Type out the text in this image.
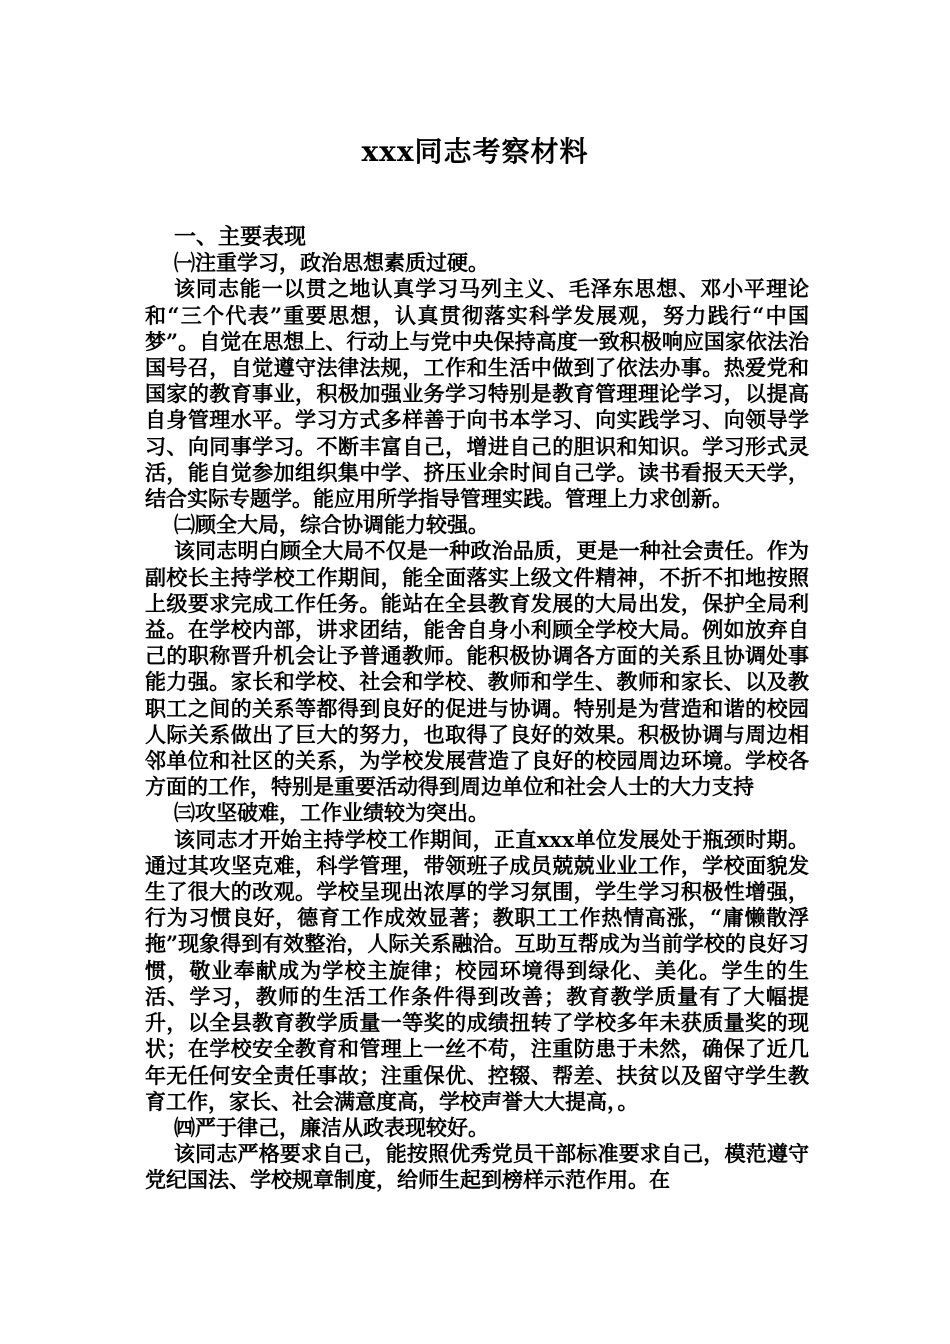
xxx同志考察材料

一、主要表现

㈠注重学习，政治思想素质过硬。

该同志能一以贯之地认真学习马列主义、毛泽东思想、邓小平理论和“三个代表”重要思想，认真贯彻落实科学发展观，努力践行“中国梦”。自觉在思想上、行动上与党中央保持高度一致积极响应国家依法治国号召，自觉遵守法律法规，工作和生活中做到了依法办事。热爱党和国家的教育事业，积极加强业务学习特别是教育管理理论学习，以提高自身管理水平。学习方式多样善于向书本学习、向实践学习、向领导学习、向同事学习。不断丰富自己，增进自己的胆识和知识。学习形式灵活，能自觉参加组织集中学、挤压业余时间自己学。读书看报天天学，结合实际专题学。能应用所学指导管理实践。管理上力求创新。

㈡顾全大局，综合协调能力较强。

该同志明白顾全大局不仅是一种政治品质，更是一种社会责任。作为副校长主持学校工作期间，能全面落实上级文件精神，不折不扣地按照上级要求完成工作任务。能站在全县教育发展的大局出发，保护全局利益。在学校内部，讲求团结，能舍自身小利顾全学校大局。例如放弃自己的职称晋升机会让予普通教师。能积极协调各方面的关系且协调处事能力强。家长和学校、社会和学校、教师和学生、教师和家长、以及教职工之间的关系等都得到良好的促进与协调。特别是为营造和谐的校园人际关系做出了巨大的努力，也取得了良好的效果。积极协调与周边相邻单位和社区的关系，为学校发展营造了良好的校园周边环境。学校各方面的工作，特别是重要活动得到周边单位和社会人士的大力支持

㈢攻坚破难，工作业绩较为突出。

该同志才开始主持学校工作期间，正直xxx单位发展处于瓶颈时期。通过其攻坚克难，科学管理，带领班子成员兢兢业业工作，学校面貌发生了很大的改观。学校呈现出浓厚的学习氛围，学生学习积极性增强，行为习惯良好，德育工作成效显著；教职工工作热情高涨，“庸懒散浮拖”现象得到有效整治，人际关系融洽。互助互帮成为当前学校的良好习惯，敬业奉献成为学校主旋律；校园环境得到绿化、美化。学生的生活、学习，教师的生活工作条件得到改善；教育教学质量有了大幅提升，以全县教育教学质量一等奖的成绩扭转了学校多年未获质量奖的现状；在学校安全教育和管理上一丝不苟，注重防患于未然，确保了近几年无任何安全责任事故；注重保优、控辍、帮差、扶贫以及留守学生教育工作，家长、社会满意度高，学校声誉大大提高，。

㈣严于律己，廉洁从政表现较好。

该同志严格要求自己，能按照优秀党员干部标准要求自己，模范遵守党纪国法、学校规章制度，给师生起到榜样示范作用。在
